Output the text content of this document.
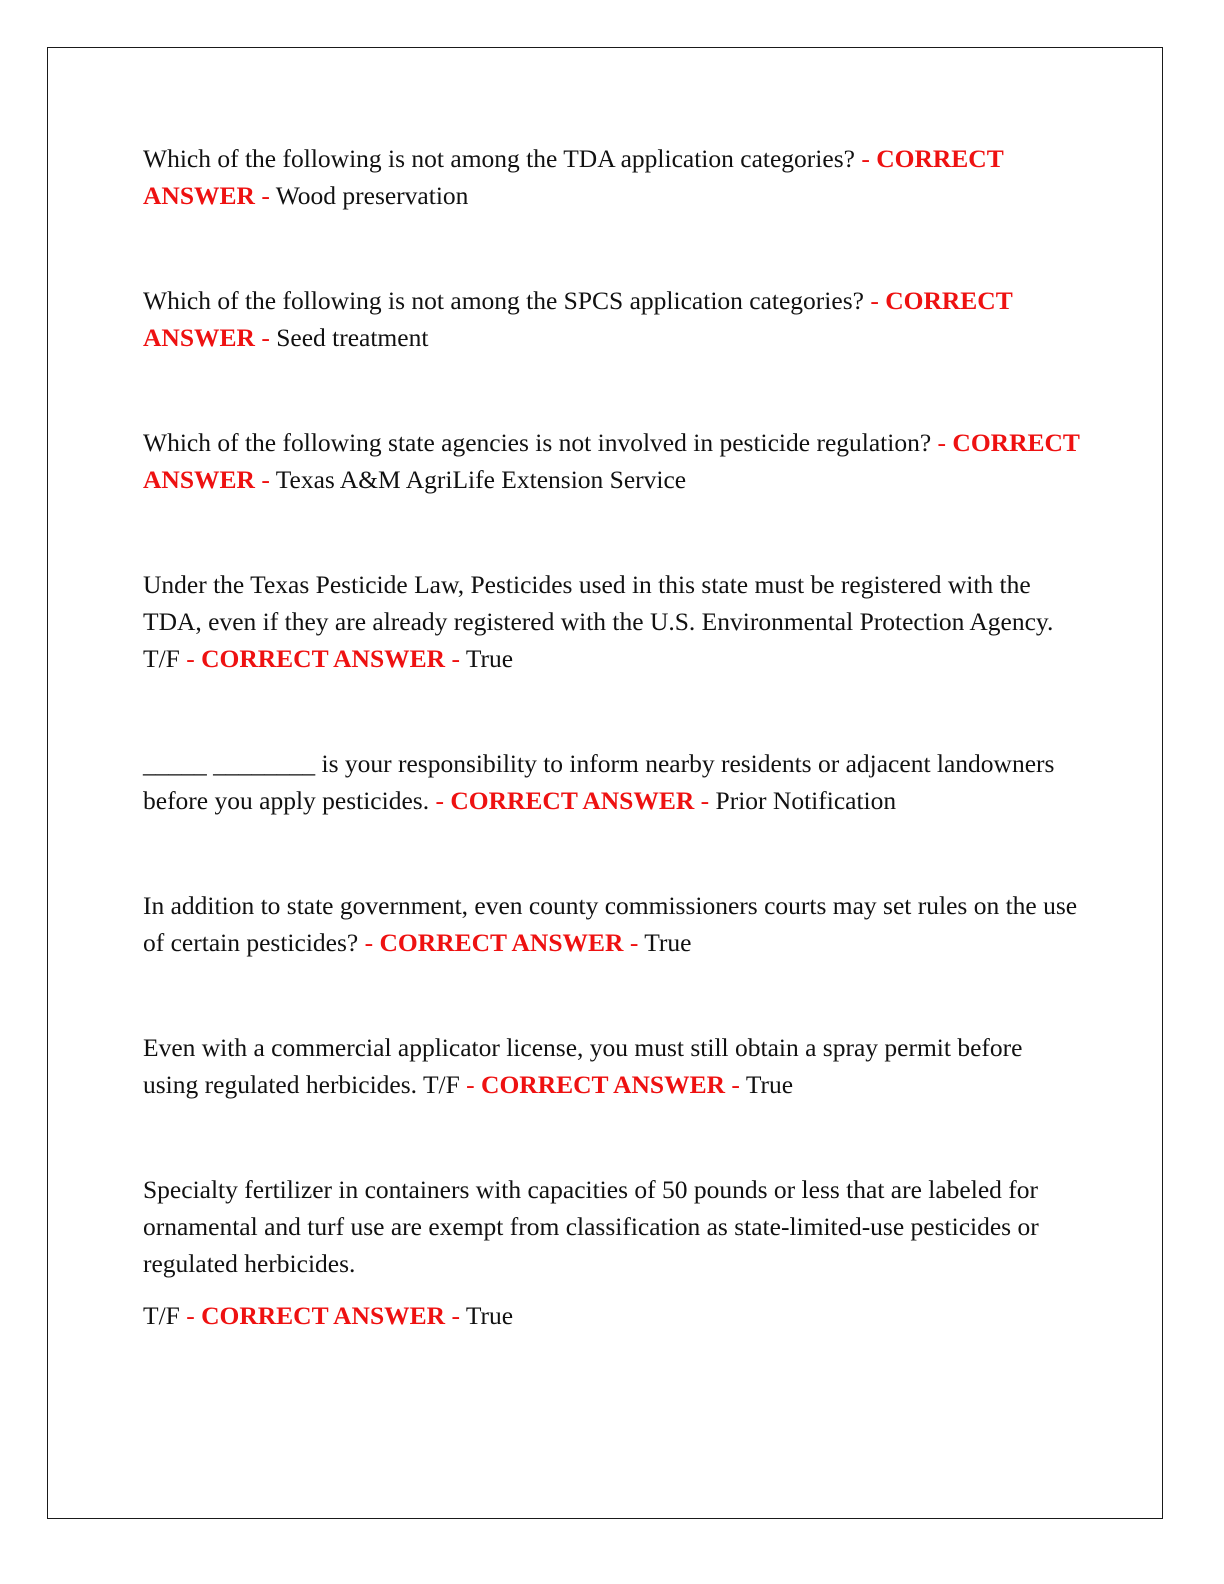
Which of the following is not among the TDA application categories? - CORRECT ANSWER - Wood preservation

Which of the following is not among the SPCS application categories? - CORRECT ANSWER - Seed treatment

Which of the following state agencies is not involved in pesticide regulation? - CORRECT ANSWER - Texas A&M AgriLife Extension Service

Under the Texas Pesticide Law, Pesticides used in this state must be registered with the TDA, even if they are already registered with the U.S. Environmental Protection Agency. T/F - CORRECT ANSWER - True

_____ ________ is your responsibility to inform nearby residents or adjacent landowners before you apply pesticides. - CORRECT ANSWER - Prior Notification

In addition to state government, even county commissioners courts may set rules on the use of certain pesticides? - CORRECT ANSWER - True

Even with a commercial applicator license, you must still obtain a spray permit before using regulated herbicides. T/F - CORRECT ANSWER - True

Specialty fertilizer in containers with capacities of 50 pounds or less that are labeled for ornamental and turf use are exempt from classification as state-limited-use pesticides or regulated herbicides.

T/F - CORRECT ANSWER - True
